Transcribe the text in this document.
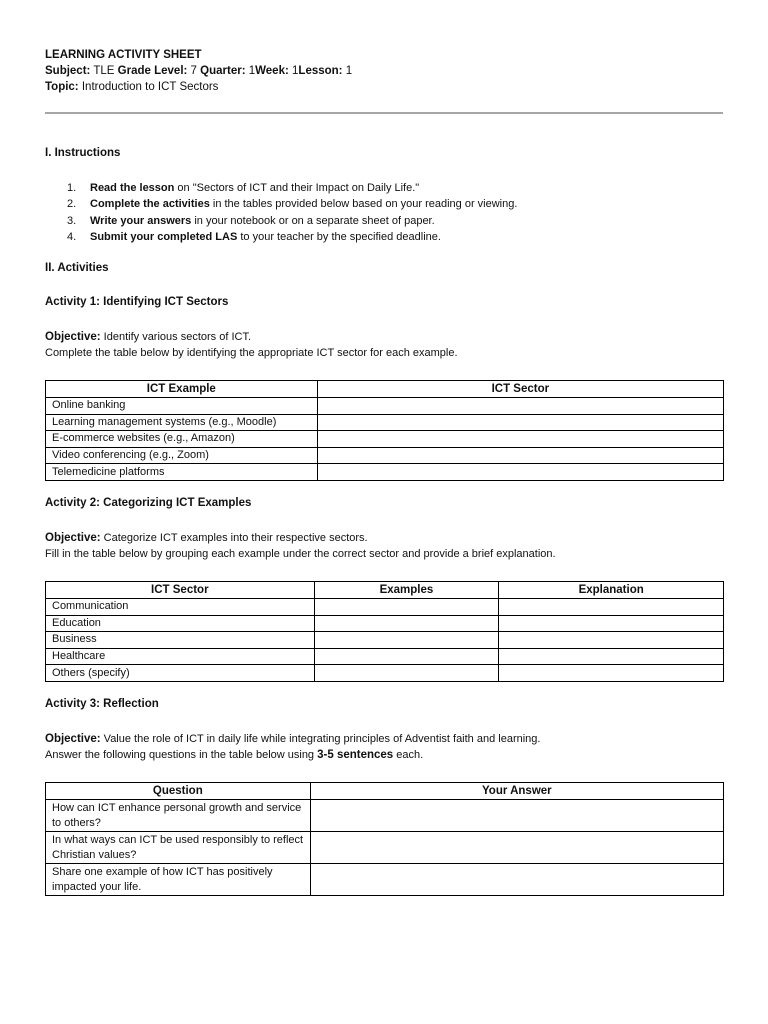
LEARNING ACTIVITY SHEET
Subject: TLE Grade Level: 7 Quarter: 1Week: 1Lesson: 1
Topic: Introduction to ICT Sectors
I. Instructions
1. Read the lesson on "Sectors of ICT and their Impact on Daily Life."
2. Complete the activities in the tables provided below based on your reading or viewing.
3. Write your answers in your notebook or on a separate sheet of paper.
4. Submit your completed LAS to your teacher by the specified deadline.
II. Activities
Activity 1: Identifying ICT Sectors
Objective: Identify various sectors of ICT.
Complete the table below by identifying the appropriate ICT sector for each example.
ICT Example	ICT Sector
Online banking	
Learning management systems (e.g., Moodle)	
E-commerce websites (e.g., Amazon)	
Video conferencing (e.g., Zoom)	
Telemedicine platforms	
Activity 2: Categorizing ICT Examples
Objective: Categorize ICT examples into their respective sectors.
Fill in the table below by grouping each example under the correct sector and provide a brief explanation.
ICT Sector	Examples	Explanation
Communication		
Education		
Business		
Healthcare		
Others (specify)		
Activity 3: Reflection
Objective: Value the role of ICT in daily life while integrating principles of Adventist faith and learning.
Answer the following questions in the table below using 3-5 sentences each.
Question	Your Answer
How can ICT enhance personal growth and service to others?	
In what ways can ICT be used responsibly to reflect Christian values?	
Share one example of how ICT has positively impacted your life.	
